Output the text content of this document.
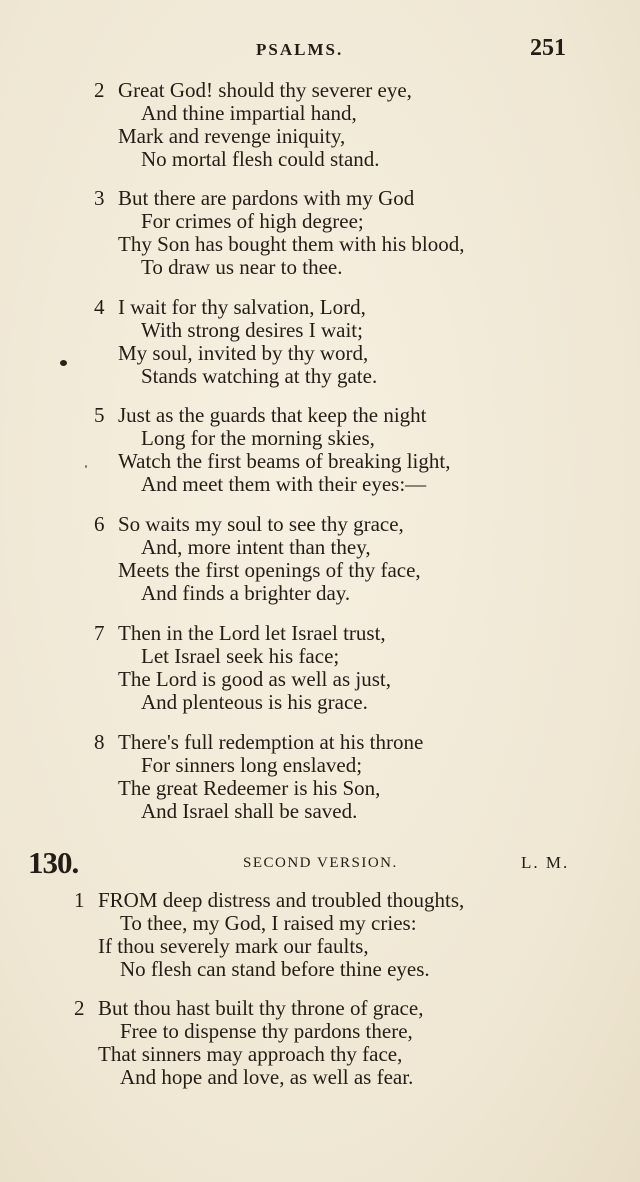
PSALMS.	251
2 Great God! should thy severer eye,
And thine impartial hand,
Mark and revenge iniquity,
No mortal flesh could stand.
3 But there are pardons with my God
For crimes of high degree;
Thy Son has bought them with his blood,
To draw us near to thee.
4 I wait for thy salvation, Lord,
With strong desires I wait;
My soul, invited by thy word,
Stands watching at thy gate.
5 Just as the guards that keep the night
Long for the morning skies,
Watch the first beams of breaking light,
And meet them with their eyes:—
6 So waits my soul to see thy grace,
And, more intent than they,
Meets the first openings of thy face,
And finds a brighter day.
7 Then in the Lord let Israel trust,
Let Israel seek his face;
The Lord is good as well as just,
And plenteous is his grace.
8 There's full redemption at his throne
For sinners long enslaved;
The great Redeemer is his Son,
And Israel shall be saved.
130.	SECOND VERSION.	L. M.
1 FROM deep distress and troubled thoughts,
To thee, my God, I raised my cries:
If thou severely mark our faults,
No flesh can stand before thine eyes.
2 But thou hast built thy throne of grace,
Free to dispense thy pardons there,
That sinners may approach thy face,
And hope and love, as well as fear.
